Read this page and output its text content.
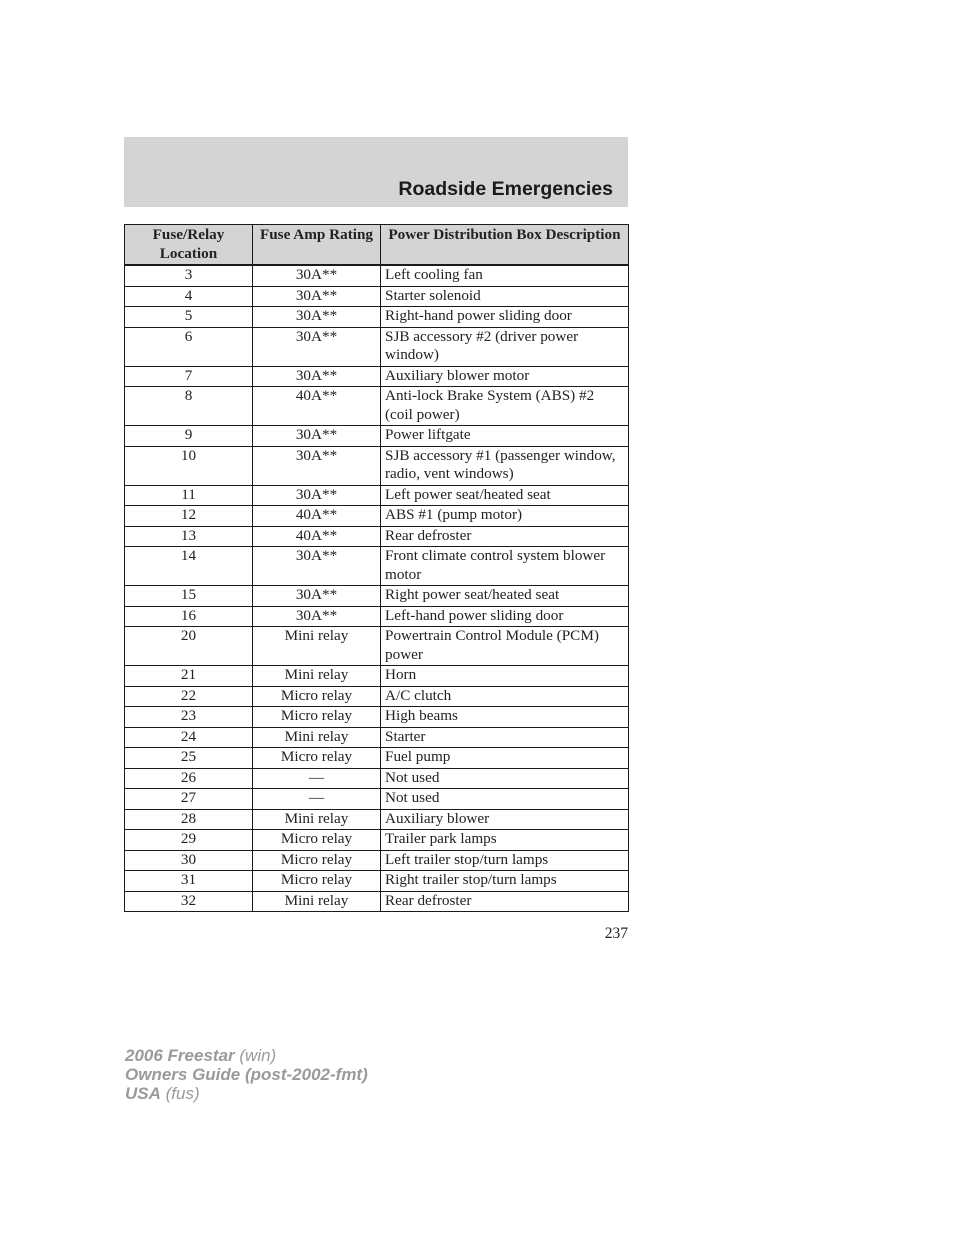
Roadside Emergencies
Fuse/Relay Location	Fuse Amp Rating	Power Distribution Box Description
3	30A**	Left cooling fan
4	30A**	Starter solenoid
5	30A**	Right-hand power sliding door
6	30A**	SJB accessory #2 (driver power window)
7	30A**	Auxiliary blower motor
8	40A**	Anti-lock Brake System (ABS) #2 (coil power)
9	30A**	Power liftgate
10	30A**	SJB accessory #1 (passenger window, radio, vent windows)
11	30A**	Left power seat/heated seat
12	40A**	ABS #1 (pump motor)
13	40A**	Rear defroster
14	30A**	Front climate control system blower motor
15	30A**	Right power seat/heated seat
16	30A**	Left-hand power sliding door
20	Mini relay	Powertrain Control Module (PCM) power
21	Mini relay	Horn
22	Micro relay	A/C clutch
23	Micro relay	High beams
24	Mini relay	Starter
25	Micro relay	Fuel pump
26	—	Not used
27	—	Not used
28	Mini relay	Auxiliary blower
29	Micro relay	Trailer park lamps
30	Micro relay	Left trailer stop/turn lamps
31	Micro relay	Right trailer stop/turn lamps
32	Mini relay	Rear defroster
237
2006 Freestar (win)
Owners Guide (post-2002-fmt)
USA (fus)
